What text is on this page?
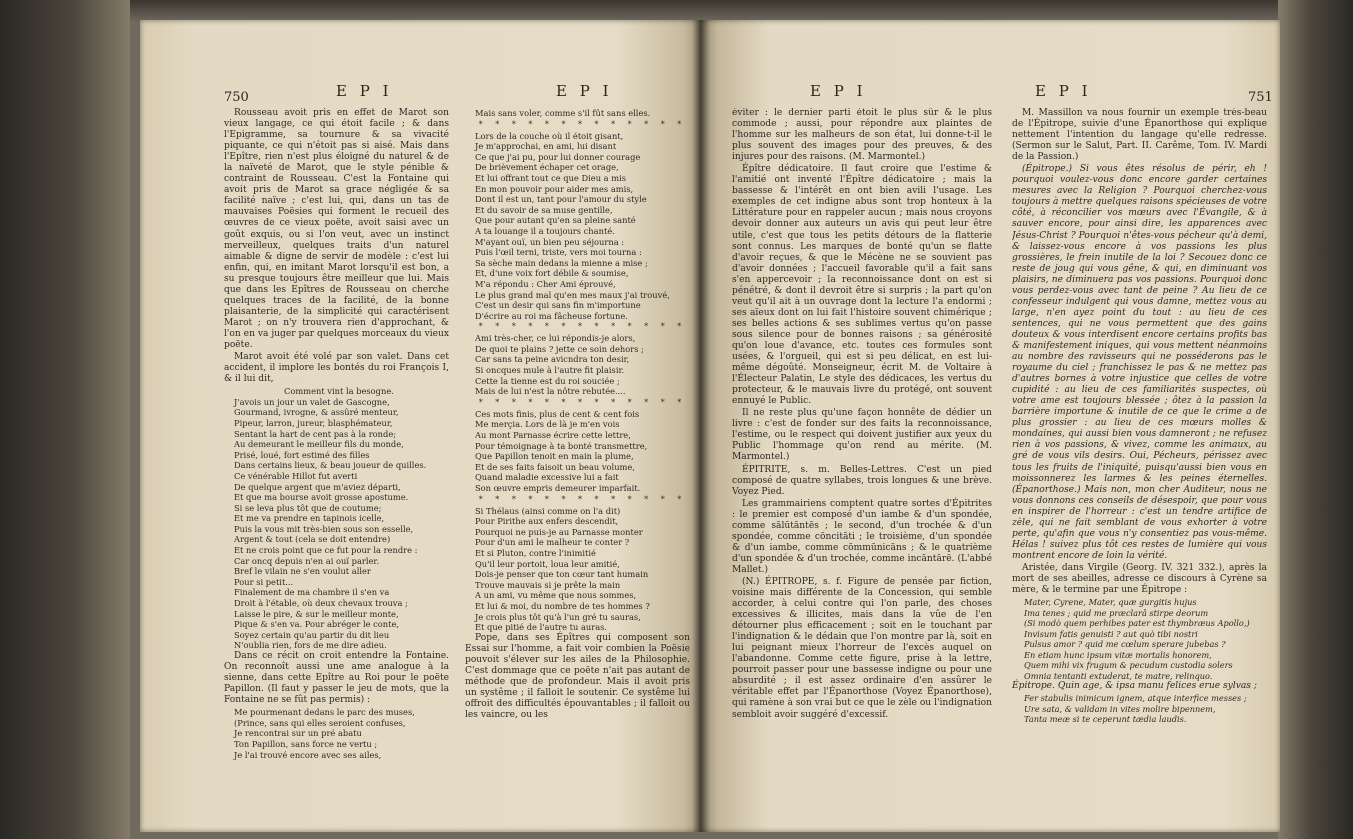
750	E P I	E P I

Rousseau avoit pris en effet de Marot son vieux langage, ce qui étoit facile ; & dans l'Epigramme, sa tournure & sa vivacité piquante, ce qui n'étoit pas si aisé. Mais dans l'Epître, rien n'est plus éloigné du naturel & de la naïveté de Marot, que le style pénible & contraint de Rousseau. C'est la Fontaine qui avoit pris de Marot sa grace négligée & sa facilité naïve ; c'est lui, qui, dans un tas de mauvaises Poësies qui forment le recueil des œuvres de ce vieux poëte, avoit saisi avec un goût exquis, ou si l'on veut, avec un instinct merveilleux, quelques traits d'un naturel aimable & digne de servir de modèle : c'est lui enfin, qui, en imitant Marot lorsqu'il est bon, a su presque toujours être meilleur que lui. Mais que dans les Epîtres de Rousseau on cherche quelques traces de la facilité, de la bonne plaisanterie, de la simplicité qui caractérisent Marot ; on n'y trouvera rien d'approchant, & l'on en va juger par quelques morceaux du vieux poëte.

Marot avoit été volé par son valet. Dans cet accident, il implore les bontés du roi François I, & il lui dit,

Comment vint la besogne.
J'avois un jour un valet de Gascogne,
Gourmand, ivrogne, & assûré menteur,
Pipeur, larron, jureur, blasphémateur,
Sentant la hart de cent pas à la ronde;
Au demeurant le meilleur fils du monde,
Prisé, loué, fort estimé des filles
Dans certains lieux, & beau joueur de quilles.
Ce vénérable Hillot fut averti
De quelque argent que m'aviez départi,
Et que ma bourse avoit grosse apostume.
Si se leva plus tôt que de coutume;
Et me va prendre en tapinois icelle,
Puis la vous mit très-bien sous son esselle,
Argent & tout (cela se doit entendre)
Et ne crois point que ce fut pour la rendre :
Car oncq depuis n'en ai ouï parler.
Bref le vilain ne s'en voulut aller
Pour si petit...
Finalement de ma chambre il s'en va
Droit à l'étable, où deux chevaux trouva ;
Laisse le pire, & sur le meilleur monte,
Pique & s'en va. Pour abréger le conte,
Soyez certain qu'au partir du dit lieu
N'oublia rien, fors de me dire adieu.

Dans ce récit on croit entendre la Fontaine. On reconnoît aussi une ame analogue à la sienne, dans cette Epître au Roi pour le poëte Papillon. (Il faut y passer le jeu de mots, que la Fontaine ne se fût pas permis) :

Me pourmenant dedans le parc des muses,
(Prince, sans qui elles seroient confuses,
Je rencontrai sur un pré abatu
Ton Papillon, sans force ne vertu ;
Je l'ai trouvé encore avec ses ailes,
Mais sans voler, comme s'il fût sans elles.
* * * * * * * * * * * * *
Lors de la couche où il étoit gisant,
Je m'approchai, en ami, lui disant
Ce que j'ai pu, pour lui donner courage
De brièvement échaper cet orage,
Et lui offrant tout ce que Dieu a mis
En mon pouvoir pour aider mes amis,
Dont il est un, tant pour l'amour du style
Et du savoir de sa muse gentille,
Que pour autant qu'en sa pleine santé
A ta louange il a toujours chanté.
M'ayant ouï, un bien peu séjourna :
Puis l'œil terni, triste, vers moi tourna :
Sa sèche main dedans la mienne a mise ;
Et, d'une voix fort débile & soumise,
M'a répondu : Cher Ami éprouvé,
Le plus grand mal qu'en mes maux j'ai trouvé,
C'est un desir qui sans fin m'importune
D'écrire au roi ma fâcheuse fortune.
* * * * * * * * * * * * *
Ami très-cher, ce lui répondis-je alors,
De quoi te plains ? jette ce soin dehors ;
Car sans ta peine avicndra ton desir,
Si oncques mule à l'autre fit plaisir.
Cette la tienne est du roi souciée ;
Mais de lui n'est la nôtre rebutée....
* * * * * * * * * * * * *
Ces mots finis, plus de cent & cent fois
Me merçia. Lors de là je m'en vois
Au mont Parnasse écrire cette lettre,
Pour témoignage à ta bonté transmettre,
Que Papillon tenoit en main la plume,
Et de ses faits faisoit un beau volume,
Quand maladie excessive lui a fait
Son œuvre empris demeurer imparfait.
* * * * * * * * * * * * *
Si Thélaus (ainsi comme on l'a dit)
Pour Pirithe aux enfers descendit,
Pourquoi ne puis-je au Parnasse monter
Pour d'un ami le malheur te conter ?
Et si Pluton, contre l'inimitié
Qu'il leur portoit, loua leur amitié,
Dois-je penser que ton cœur tant humain
Trouve mauvais si je prête la main
A un ami, vu même que nous sommes,
Et lui & moi, du nombre de tes hommes ?
Je crois plus tôt qu'à l'un gré tu sauras,
Et que pitié de l'autre tu auras.

Pope, dans ses Épîtres qui composent son Essai sur l'homme, a fait voir combien la Poësie pouvoit s'élever sur les ailes de la Philosophie. C'est dommage que ce poëte n'ait pas autant de méthode que de profondeur. Mais il avoit pris un systême ; il falloit le soutenir. Ce systême lui offroit des difficultés épouvantables ; il falloit ou les vaincre, ou les

E P I	E P I	751

éviter : le dernier parti étoit le plus sûr & le plus commode ; aussi, pour répondre aux plaintes de l'homme sur les malheurs de son état, lui donne-t-il le plus souvent des images pour des preuves, & des injures pour des raisons. (M. Marmontel.)

Épître dédicatoire. Il faut croire que l'estime & l'amitié ont inventé l'Épître dédicatoire ; mais la bassesse & l'intérêt en ont bien avili l'usage. Les exemples de cet indigne abus sont trop honteux à la Littérature pour en rappeler aucun ; mais nous croyons devoir donner aux auteurs un avis qui peut leur être utile, c'est que tous les petits détours de la flatterie sont connus. Les marques de bonté qu'un se flatte d'avoir reçues, & que le Mécène ne se souvient pas d'avoir données ; l'accueil favorable qu'il a fait sans s'en appercevoir ; la reconnoissance dont on est si pénétré, & dont il devroit être si surpris ; la part qu'on veut qu'il ait à un ouvrage dont la lecture l'a endormi ; ses aïeux dont on lui fait l'histoire souvent chimérique ; ses belles actions & ses sublimes vertus qu'on passe sous silence pour de bonnes raisons ; sa générosité qu'on loue d'avance, etc. toutes ces formules sont usées, & l'orgueil, qui est si peu délicat, en est lui-même dégoûté. Monseigneur, écrit M. de Voltaire à l'Électeur Palatin, Le style des dédicaces, les vertus du protecteur, & le mauvais livre du protégé, ont souvent ennuyé le Public.

Il ne reste plus qu'une façon honnête de dédier un livre : c'est de fonder sur des faits la reconnoissance, l'estime, ou le respect qui doivent justifier aux yeux du Public l'hommage qu'on rend au mérite. (M. Marmontel.)

ÉPITRITE, s. m. Belles-Lettres. C'est un pied composé de quatre syllabes, trois longues & une brève. Voyez Pied.

Les grammairiens comptent quatre sortes d'Épitrites : le premier est composé d'un iambe & d'un spondée, comme sālūtāntēs ; le second, d'un trochée & d'un spondée, comme cōncitāti ; le troisième, d'un spondée & d'un iambe, comme cōmmūnicāns ; & le quatrième d'un spondée & d'un trochée, comme incāntārē. (L'abbé Mallet.)

(N.) ÉPITROPE, s. f. Figure de pensée par fiction, voisine mais différente de la Concession, qui semble accorder, à celui contre qui l'on parle, des choses excessives & illicites, mais dans la vûe de l'en détourner plus efficacement ; soit en le touchant par l'indignation & le dédain que l'on montre par là, soit en lui peignant mieux l'horreur de l'excès auquel on l'abandonne. Comme cette figure, prise à la lettre, pourroit passer pour une bassesse indigne ou pour une absurdité ; il est assez ordinaire d'en assûrer le véritable effet par l'Épanorthose (Voyez Épanorthose), qui ramène à son vrai but ce que le zèle ou l'indignation sembloit avoir suggéré d'excessif.

M. Massillon va nous fournir un exemple très-beau de l'Épitrope, suivie d'une Épanorthose qui explique nettement l'intention du langage qu'elle redresse. (Sermon sur le Salut, Part. II. Carême, Tom. IV. Mardi de la Passion.)

(Épitrope.) Si vous êtes résolus de périr, eh ! pourquoi voulez-vous donc encore garder certaines mesures avec la Religion ? Pourquoi cherchez-vous toujours à mettre quelques raisons spécieuses de votre côté, à réconcilier vos mœurs avec l'Évangile, & à sauver encore, pour ainsi dire, les apparences avec Jésus-Christ ? Pourquoi n'êtes-vous pécheur qu'à demi, & laissez-vous encore à vos passions les plus grossières, le frein inutile de la loi ? Secouez donc ce reste de joug qui vous gêne, & qui, en diminuant vos plaisirs, ne diminuera pas vos passions. Pourquoi donc vous perdez-vous avec tant de peine ? Au lieu de ce confesseur indulgent qui vous damne, mettez vous au large, n'en ayez point du tout : au lieu de ces sentences, qui ne vous permettent que des gains douteux & vous interdisent encore certains profits bas & manifestement iniques, qui vous mettent néanmoins au nombre des ravisseurs qui ne posséderons pas le royaume du ciel ; franchissez le pas & ne mettez pas d'autres bornes à votre injustice que celles de votre cupidité : au lieu de ces familiarités suspectes, où votre ame est toujours blessée ; ôtez à la passion la barrière importune & inutile de ce que le crime a de plus grossier : au lieu de ces mœurs molles & mondaines, qui aussi bien vous damneront ; ne refusez rien à vos passions, & vivez, comme les animaux, au gré de vous vils desirs. Oui, Pécheurs, périssez avec tous les fruits de l'iniquité, puisqu'aussi bien vous en moissonnerez les larmes & les peines éternelles. (Épanorthose.) Mais non, mon cher Auditeur, nous ne vous donnons ces conseils de désespoir, que pour vous en inspirer de l'horreur : c'est un tendre artifice de zèle, qui ne fait semblant de vous exhorter à votre perte, qu'afin que vous n'y consentiez pas vous-même. Hélas ! suivez plus tôt ces restes de lumière qui vous montrent encore de loin la vérité.

Aristée, dans Virgile (Georg. IV. 321 332.), après la mort de ses abeilles, adresse ce discours à Cyrène sa mère, & le termine par une Épitrope :

Mater, Cyrene, Mater, quæ gurgitis hujus
Ima tenes ; quid me præclarâ stirpe deorum
(Si modò quem perhibes pater est thymbræus Apollo,)
Invisum fatis genuisti ? aut quò tibi nostri
Pulsus amor ? quid me cœlum sperare jubebas ?
En etiam hunc ipsum vitæ mortalis honorem,
Quem mihi vix frugum & pecudum custodia solers
Omnia tentanti extuderat, te matre, relinquo.

Épitrope. Quin age, & ipsa manu felices erue sylvas ;

Fer stabulis inimicum ignem, atque interfice messes ;
Ure sata, & validam in vites molire bipennem,
Tanta meæ si te ceperunt tædia laudis.
